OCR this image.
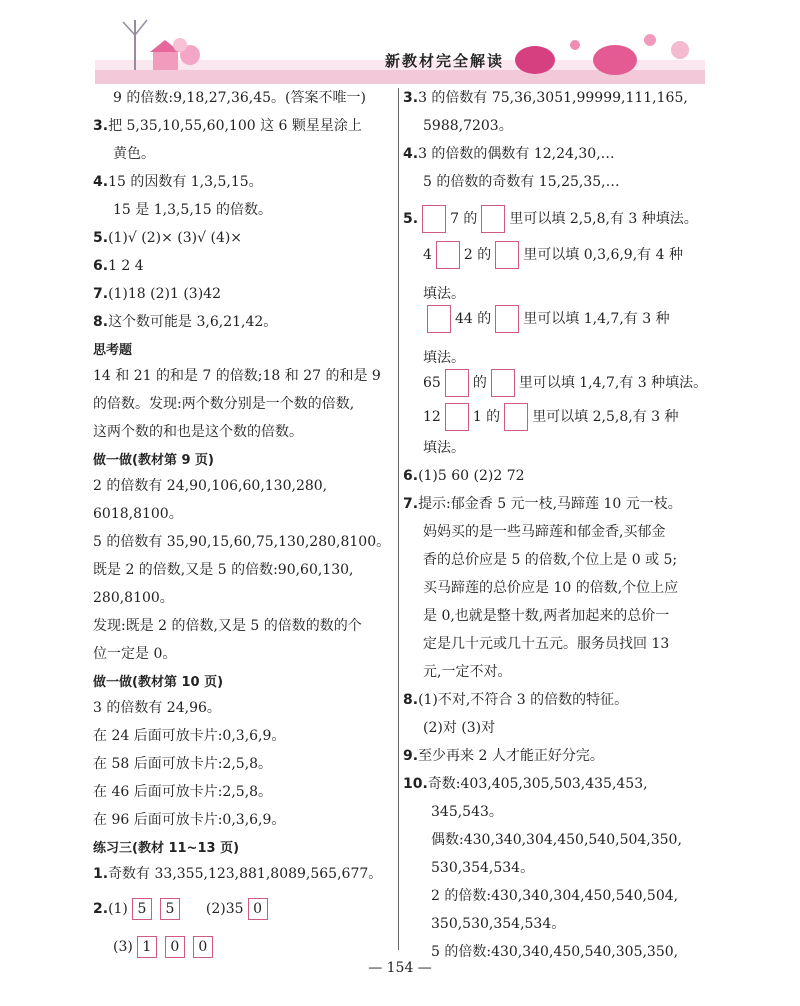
新教材完全解读
9 的倍数:9,18,27,36,45。(答案不唯一)
3.把 5,35,10,55,60,100 这 6 颗星星涂上
黄色。
4.15 的因数有 1,3,5,15。
15 是 1,3,5,15 的倍数。
5.(1)√ (2)× (3)√ (4)×
6.1 2 4
7.(1)18 (2)1 (3)42
8.这个数可能是 3,6,21,42。
思考题
14 和 21 的和是 7 的倍数;18 和 27 的和是 9
的倍数。发现:两个数分别是一个数的倍数,
这两个数的和也是这个数的倍数。
做一做(教材第 9 页)
2 的倍数有 24,90,106,60,130,280,
6018,8100。
5 的倍数有 35,90,15,60,75,130,280,8100。
既是 2 的倍数,又是 5 的倍数:90,60,130,
280,8100。
发现:既是 2 的倍数,又是 5 的倍数的数的个
位一定是 0。
做一做(教材第 10 页)
3 的倍数有 24,96。
在 24 后面可放卡片:0,3,6,9。
在 58 后面可放卡片:2,5,8。
在 46 后面可放卡片:2,5,8。
在 96 后面可放卡片:0,3,6,9。
练习三(教材 11~13 页)
1.奇数有 33,355,123,881,8089,565,677。
2.(1) 5 5 (2)35 0
(3) 1 0 0
3.3 的倍数有 75,36,3051,99999,111,165,
5988,7203。
4.3 的倍数的偶数有 12,24,30,…
5 的倍数的奇数有 15,25,35,…
填法。
填法。
填法。
6.(1)5 60 (2)2 72
7.提示:郁金香 5 元一枝,马蹄莲 10 元一枝。
妈妈买的是一些马蹄莲和郁金香,买郁金
香的总价应是 5 的倍数,个位上是 0 或 5;
买马蹄莲的总价应是 10 的倍数,个位上应
是 0,也就是整十数,两者加起来的总价一
定是几十元或几十五元。服务员找回 13
元,一定不对。
8.(1)不对,不符合 3 的倍数的特征。
(2)对 (3)对
9.至少再来 2 人才能正好分完。
10.奇数:403,405,305,503,435,453,
345,543。
偶数:430,340,304,450,540,504,350,
530,354,534。
2 的倍数:430,340,304,450,540,504,
350,530,354,534。
5 的倍数:430,340,450,540,305,350,
5. 7 的 里可以填 2,5,8,有 3 种填法。
4 2 的 里可以填 0,3,6,9,有 4 种
44 的 里可以填 1,4,7,有 3 种
65 的 里可以填 1,4,7,有 3 种填法。
12 1 的 里可以填 2,5,8,有 3 种
— 154 —
